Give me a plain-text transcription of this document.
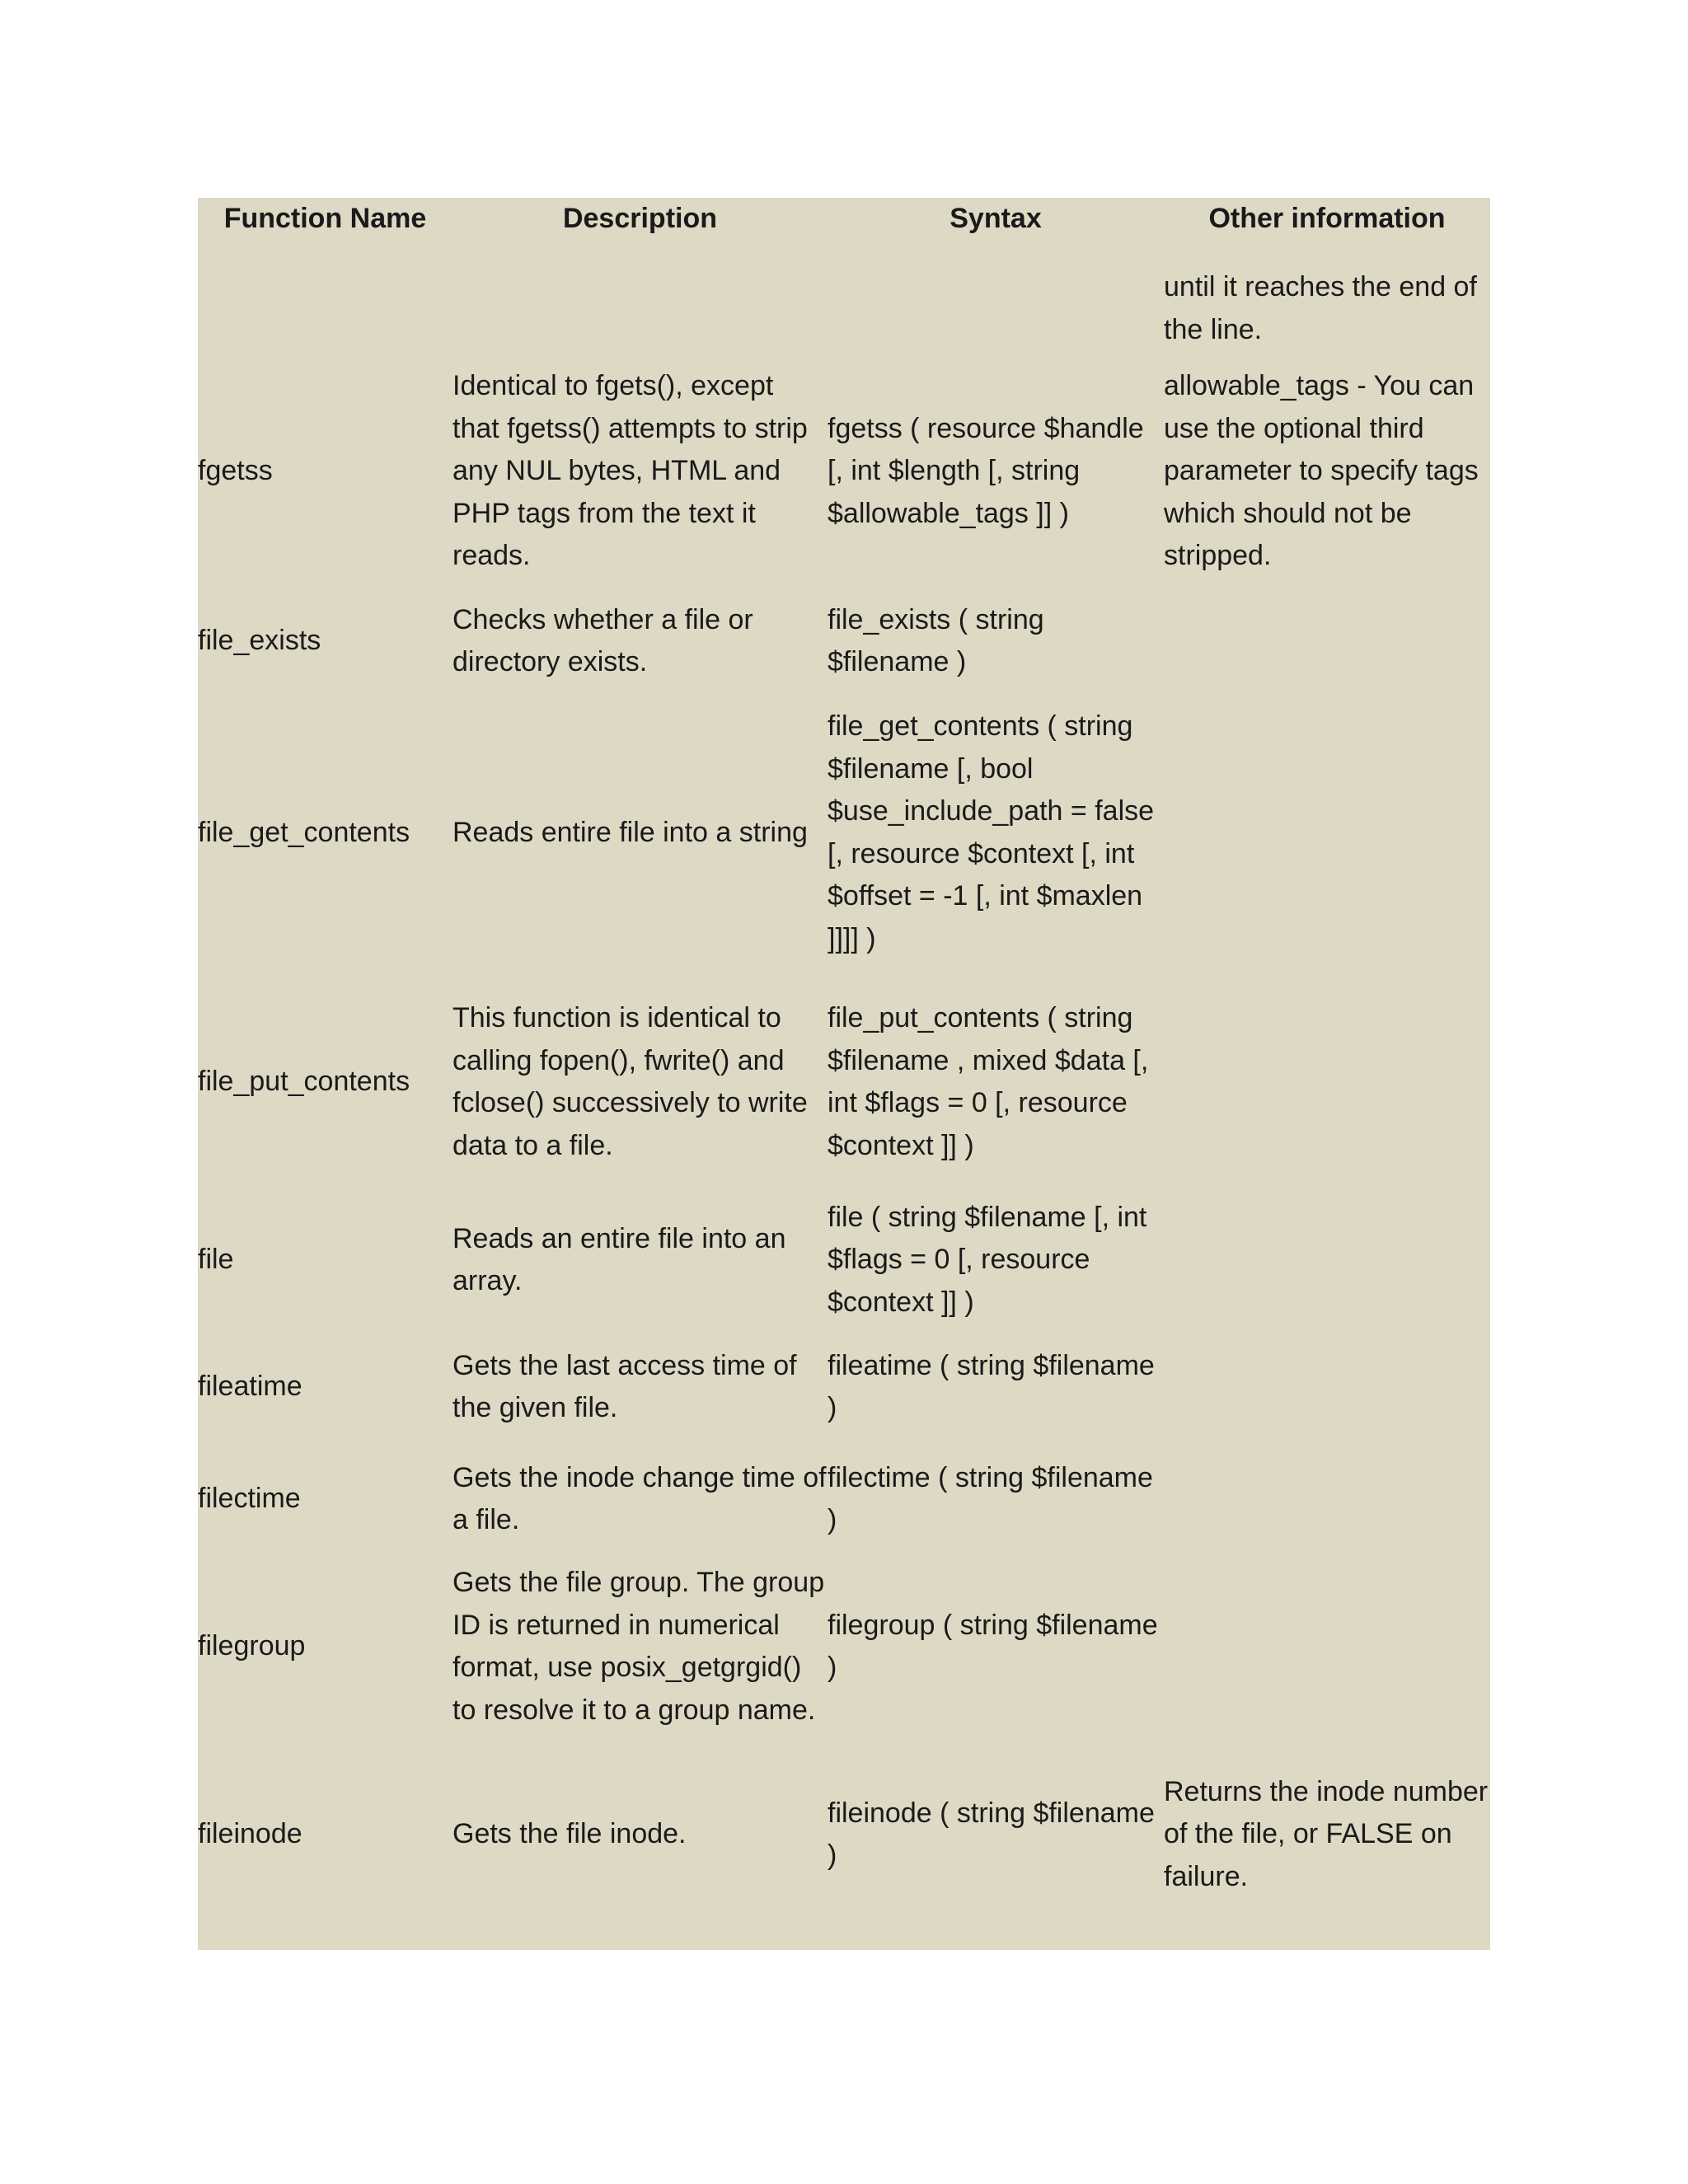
Function Name	Description	Syntax	Other information
			until it reaches the end of the line.
fgetss	Identical to fgets(), except that fgetss() attempts to strip any NUL bytes, HTML and PHP tags from the text it reads.	fgetss ( resource $handle [, int $length [, string $allowable_tags ]] )	allowable_tags - You can use the optional third parameter to specify tags which should not be stripped.
file_exists	Checks whether a file or directory exists.	file_exists ( string $filename )	
file_get_contents	Reads entire file into a string	file_get_contents ( string $filename [, bool $use_include_path = false [, resource $context [, int $offset = -1 [, int $maxlen ]]]] )	
file_put_contents	This function is identical to calling fopen(), fwrite() and fclose() successively to write data to a file.	file_put_contents ( string $filename , mixed $data [, int $flags = 0 [, resource $context ]] )	
file	Reads an entire file into an array.	file ( string $filename [, int $flags = 0 [, resource $context ]] )	
fileatime	Gets the last access time of the given file.	fileatime ( string $filename )	
filectime	Gets the inode change time of a file.	filectime ( string $filename )	
filegroup	Gets the file group. The group ID is returned in numerical format, use posix_getgrgid() to resolve it to a group name.	filegroup ( string $filename )	
fileinode	Gets the file inode.	fileinode ( string $filename )	Returns the inode number of the file, or FALSE on failure.
